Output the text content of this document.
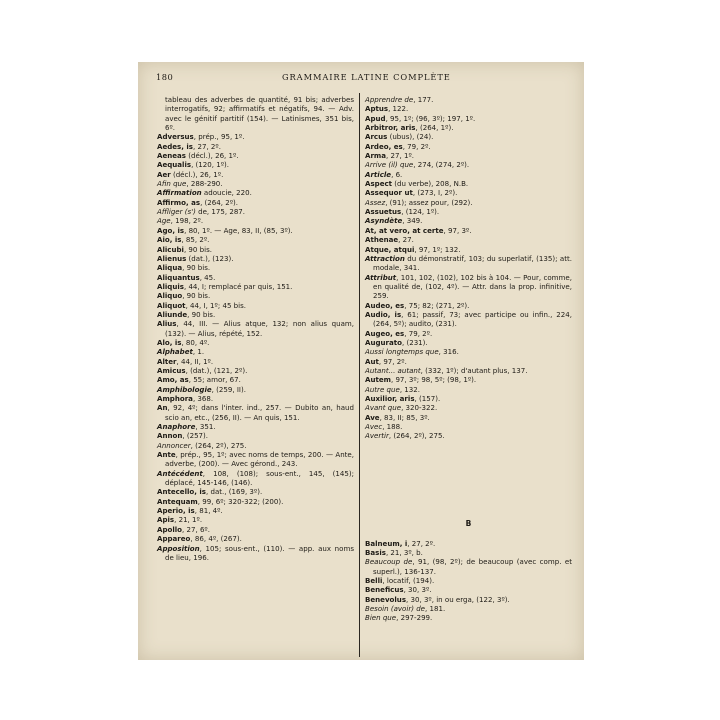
180	GRAMMAIRE LATINE COMPLÈTE
tableau des adverbes de quantité, 91 bis; adverbes interrogatifs, 92; affirmatifs et négatifs, 94. — Adv. avec le génitif partitif (154). — Latinismes, 351 bis, 6º.
Adversus, prép., 95, 1º.
Aedes, is, 27, 2º.
Aeneas (décl.), 26, 1º.
Aequalis, (120, 1º).
Aer (décl.), 26, 1º.
Afin que, 288-290.
Affirmation adoucie, 220.
Affirmo, as, (264, 2º).
Affliger (s') de, 175, 287.
Age, 198, 2º.
Ago, is, 80, 1º. — Age, 83, II, (85, 3º).
Aio, is, 85, 2º.
Alicubi, 90 bis.
Alienus (dat.), (123).
Aliqua, 90 bis.
Aliquantus, 45.
Aliquis, 44, I; remplacé par quis, 151.
Aliquo, 90 bis.
Aliquot, 44, I, 1º; 45 bis.
Aliunde, 90 bis.
Alius, 44, III. — Alius atque, 132; non alius quam, (132). — Alius, répété, 152.
Alo, is, 80, 4º.
Alphabet, 1.
Alter, 44, II, 1º.
Amicus, (dat.), (121, 2º).
Amo, as, 55; amor, 67.
Amphibologie, (259, II).
Amphora, 368.
An, 92, 4º; dans l'inter. ind., 257. — Dubito an, haud scio an, etc., (256, II). — An quis, 151.
Anaphore, 351.
Annon, (257).
Annoncer, (264, 2º), 275.
Ante, prép., 95, 1º; avec noms de temps, 200. — Ante, adverbe, (200). — Avec gérond., 243.
Antécédent, 108, (108); sous-ent., 145, (145); déplacé, 145-146, (146).
Antecello, is, dat., (169, 3º).
Antequam, 99, 6º; 320-322; (200).
Aperio, is, 81, 4º.
Apis, 21, 1º.
Apollo, 27, 6º.
Appareo, 86, 4º, (267).
Apposition, 105; sous-ent., (110). — app. aux noms de lieu, 196.
Apprendre de, 177.
Aptus, 122.
Apud, 95, 1º; (96, 3º); 197, 1º.
Arbitror, aris, (264, 1º).
Arcus (ubus), (24).
Ardeo, es, 79, 2º.
Arma, 27, 1º.
Arrive (il) que, 274, (274, 2º).
Article, 6.
Aspect (du verbe), 208, N.B.
Assequor ut, (273, I, 2º).
Assez, (91); assez pour, (292).
Assuetus, (124, 1º).
Asyndète, 349.
At, at vero, at certe, 97, 3º.
Athenae, 27.
Atque, atqui, 97, 1º; 132.
Attraction du démonstratif, 103; du superlatif, (135); att. modale, 341.
Attribut, 101, 102, (102), 102 bis à 104. — Pour, comme, en qualité de, (102, 4º). — Attr. dans la prop. infinitive, 259.
Audeo, es, 75; 82; (271, 2º).
Audio, is, 61; passif, 73; avec participe ou infin., 224, (264, 5º); audito, (231).
Augeo, es, 79, 2º.
Augurato, (231).
Aussi longtemps que, 316.
Aut, 97, 2º.
Autant... autant, (332, 1º); d'autant plus, 137.
Autem, 97, 3º; 98, 5º; (98, 1º).
Autre que, 132.
Auxilior, aris, (157).
Avant que, 320-322.
Ave, 83, II; 85, 3º.
Avec, 188.
Avertir, (264, 2º), 275.
B
Balneum, i, 27, 2º.
Basis, 21, 3º, b.
Beaucoup de, 91, (98, 2º); de beaucoup (avec comp. et superl.), 136-137.
Belli, locatif, (194).
Beneficus, 30, 3º.
Benevolus, 30, 3º, in ou erga, (122, 3º).
Besoin (avoir) de, 181.
Bien que, 297-299.
